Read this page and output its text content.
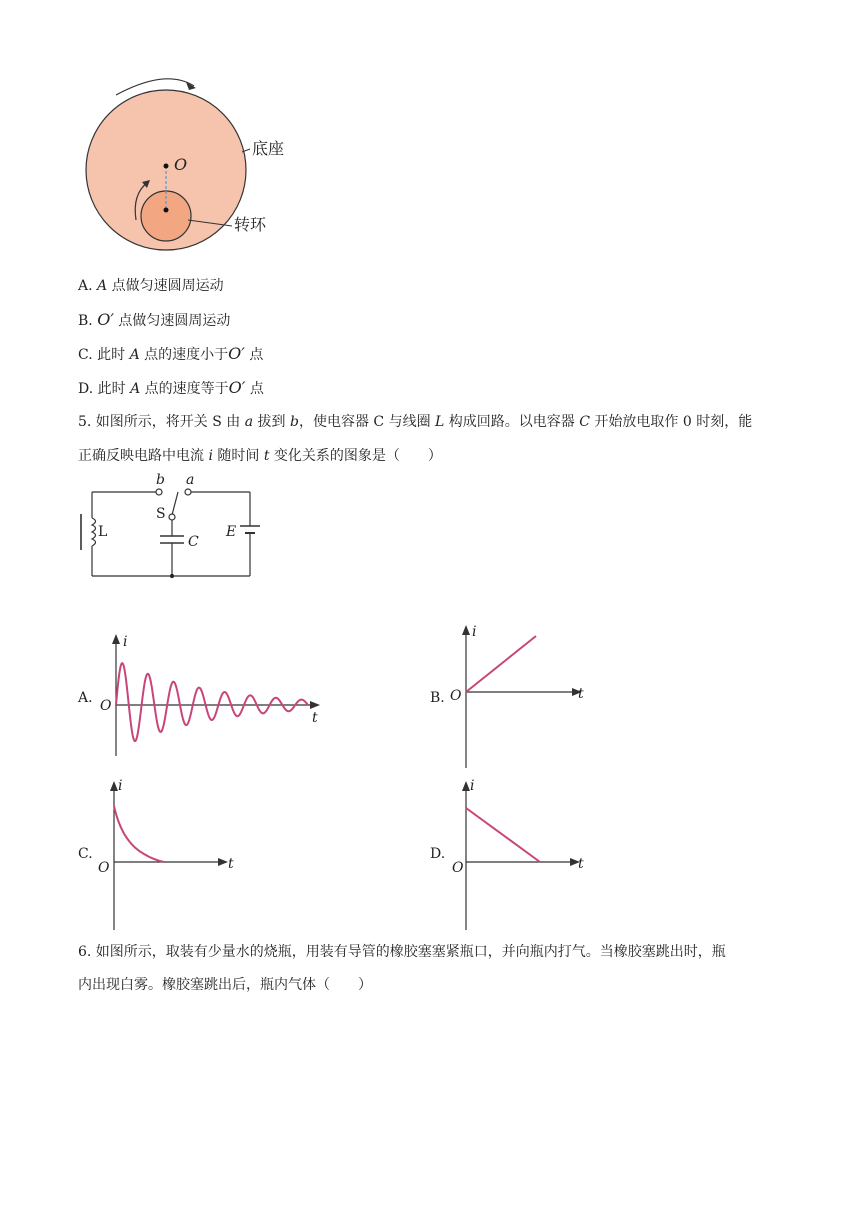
O
底座
转环
A. A 点做匀速圆周运动
B. O′ 点做匀速圆周运动
C. 此时 A 点的速度小于O′ 点
D. 此时 A 点的速度等于O′ 点
5. 如图所示，将开关 S 由 a 拔到 b，使电容器 C 与线圈 L 构成回路。以电容器 C 开始放电取作 0 时刻，能
正确反映电路中电流 i 随时间 t 变化关系的图象是（　　）
b a
S
C
L	E
A.
i
t
O	B.
i
t
O
C.
i
t
O
D.
i
t
O
6. 如图所示，取装有少量水的烧瓶，用装有导管的橡胶塞塞紧瓶口，并向瓶内打气。当橡胶塞跳出时，瓶
内出现白雾。橡胶塞跳出后，瓶内气体（　　）
